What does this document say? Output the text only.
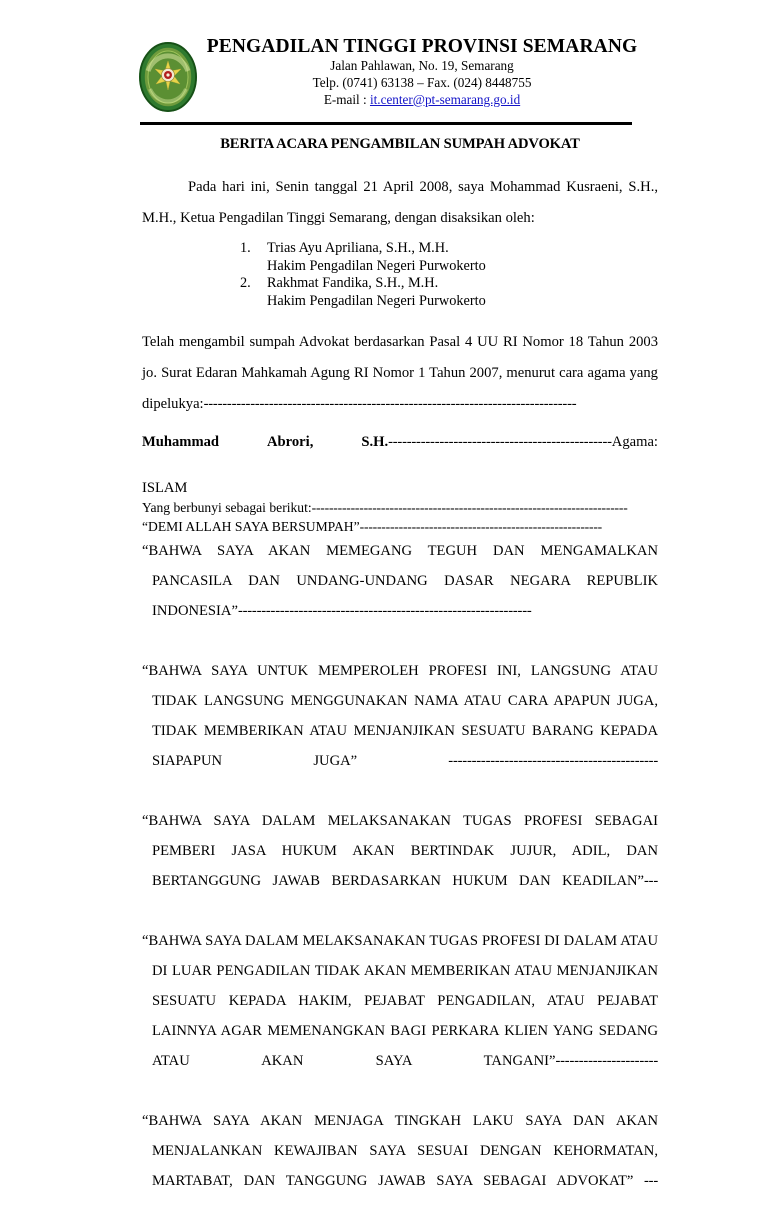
PENGADILAN TINGGI PROVINSI SEMARANG
Jalan Pahlawan, No. 19, Semarang
Telp. (0741) 63138 – Fax. (024) 8448755
E-mail : it.center@pt-semarang.go.id
BERITA ACARA PENGAMBILAN SUMPAH ADVOKAT

Pada hari ini, Senin tanggal 21 April 2008, saya Mohammad Kusraeni, S.H., M.H., Ketua Pengadilan Tinggi Semarang, dengan disaksikan oleh:

1.	Trias Ayu Apriliana, S.H., M.H.
Hakim Pengadilan Negeri Purwokerto
2.	Rakhmat Fandika, S.H., M.H.
Hakim Pengadilan Negeri Purwokerto

Telah mengambil sumpah Advokat berdasarkan Pasal 4 UU RI Nomor 18 Tahun 2003 jo. Surat Edaran Mahkamah Agung RI Nomor 1 Tahun 2007, menurut cara agama yang dipelukya:--------------------------------------------------------------------------------

Muhammad	Abrori,	S.H.------------------------------------------------Agama:
ISLAM

Yang berbunyi sebagai berikut:-------------------------------------------------------------------------

“DEMI ALLAH SAYA BERSUMPAH”--------------------------------------------------------

“BAHWA SAYA AKAN MEMEGANG TEGUH DAN MENGAMALKAN PANCASILA DAN UNDANG-UNDANG DASAR NEGARA REPUBLIK INDONESIA”---------------------------------------------------------------

“BAHWA SAYA UNTUK MEMPEROLEH PROFESI INI, LANGSUNG ATAU TIDAK LANGSUNG MENGGUNAKAN NAMA ATAU CARA APAPUN JUGA, TIDAK MEMBERIKAN ATAU MENJANJIKAN SESUATU BARANG KEPADA SIAPAPUN JUGA” ---------------------------------------------

“BAHWA SAYA DALAM MELAKSANAKAN TUGAS PROFESI SEBAGAI PEMBERI JASA HUKUM AKAN BERTINDAK JUJUR, ADIL, DAN BERTANGGUNG JAWAB BERDASARKAN HUKUM DAN KEADILAN”---

“BAHWA SAYA DALAM MELAKSANAKAN TUGAS PROFESI DI DALAM ATAU DI LUAR PENGADILAN TIDAK AKAN MEMBERIKAN ATAU MENJANJIKAN SESUATU KEPADA HAKIM, PEJABAT PENGADILAN, ATAU PEJABAT LAINNYA AGAR MEMENANGKAN BAGI PERKARA KLIEN YANG SEDANG ATAU AKAN SAYA TANGANI”----------------------

“BAHWA SAYA AKAN MENJAGA TINGKAH LAKU SAYA DAN AKAN MENJALANKAN KEWAJIBAN SAYA SESUAI DENGAN KEHORMATAN, MARTABAT, DAN TANGGUNG JAWAB SAYA SEBAGAI ADVOKAT” ---
